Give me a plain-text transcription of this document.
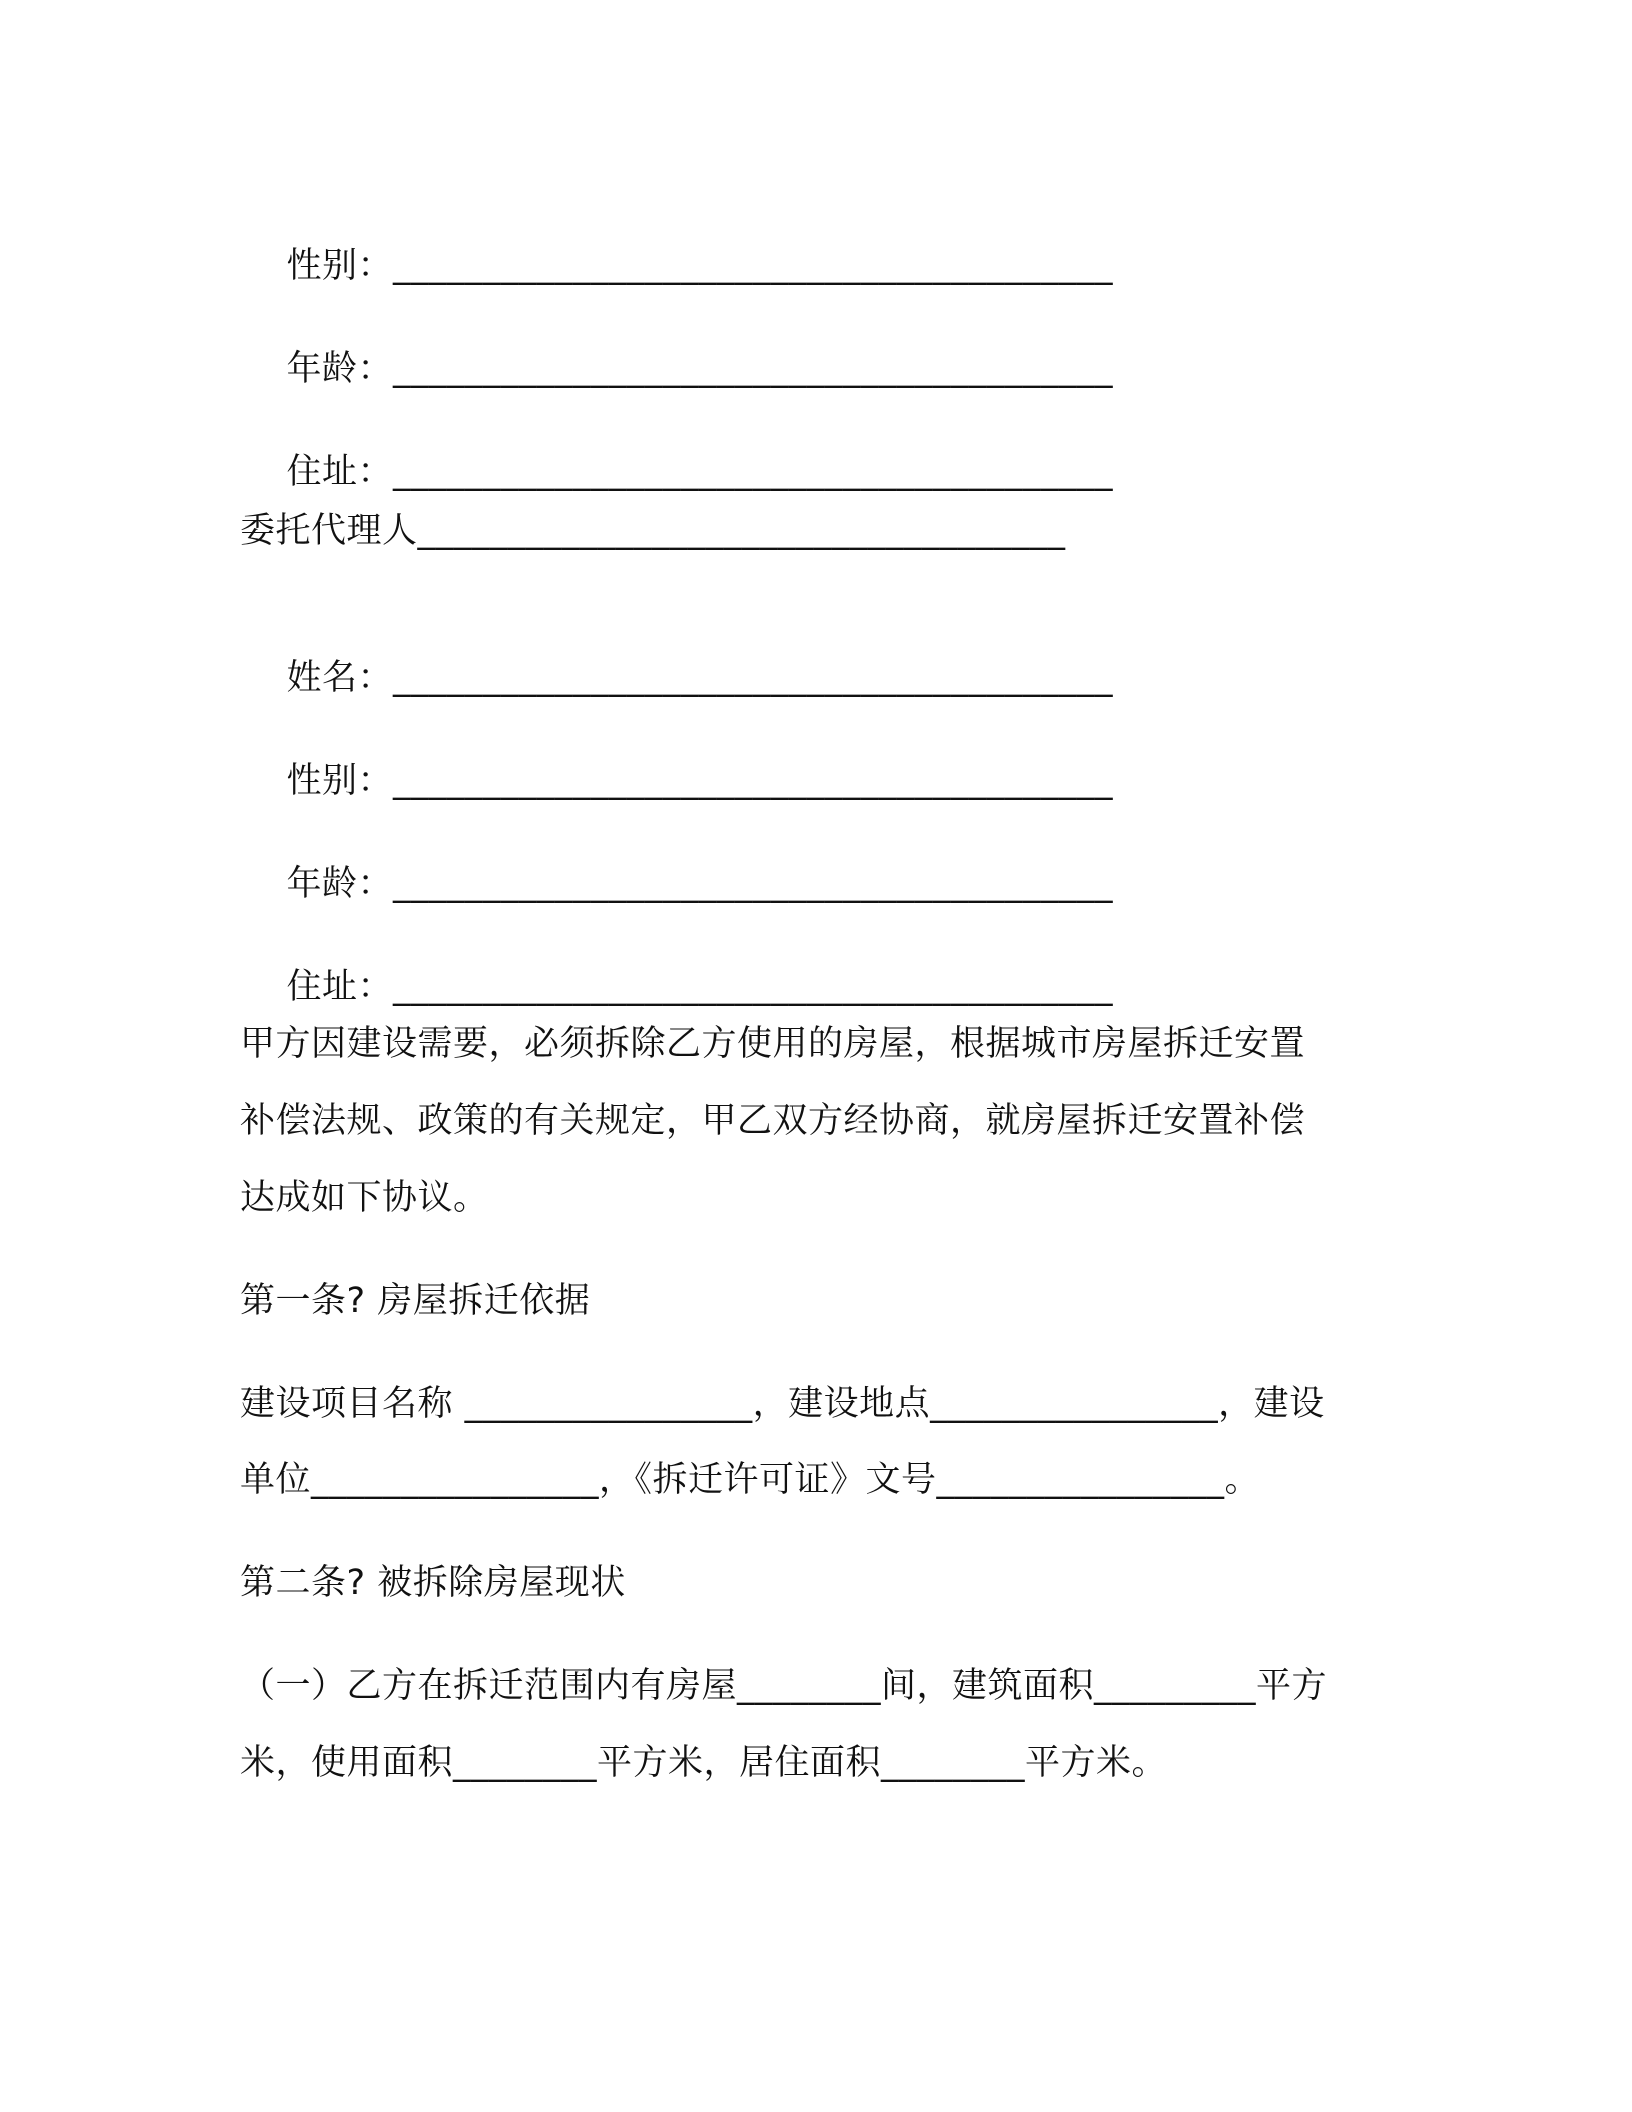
性别：________________________________________

年龄：________________________________________

住址：________________________________________

委托代理人____________________________________

姓名：________________________________________

性别：________________________________________

年龄：________________________________________

住址：________________________________________

甲方因建设需要，必须拆除乙方使用的房屋，根据城市房屋拆迁安置
补偿法规、政策的有关规定，甲乙双方经协商，就房屋拆迁安置补偿
达成如下协议。
第一条? 房屋拆迁依据
建设项目名称 ________________，建设地点________________，建设
单位________________，《拆迁许可证》文号________________。
第二条? 被拆除房屋现状
（一）乙方在拆迁范围内有房屋________间，建筑面积_________平方
米，使用面积________平方米，居住面积________平方米。
